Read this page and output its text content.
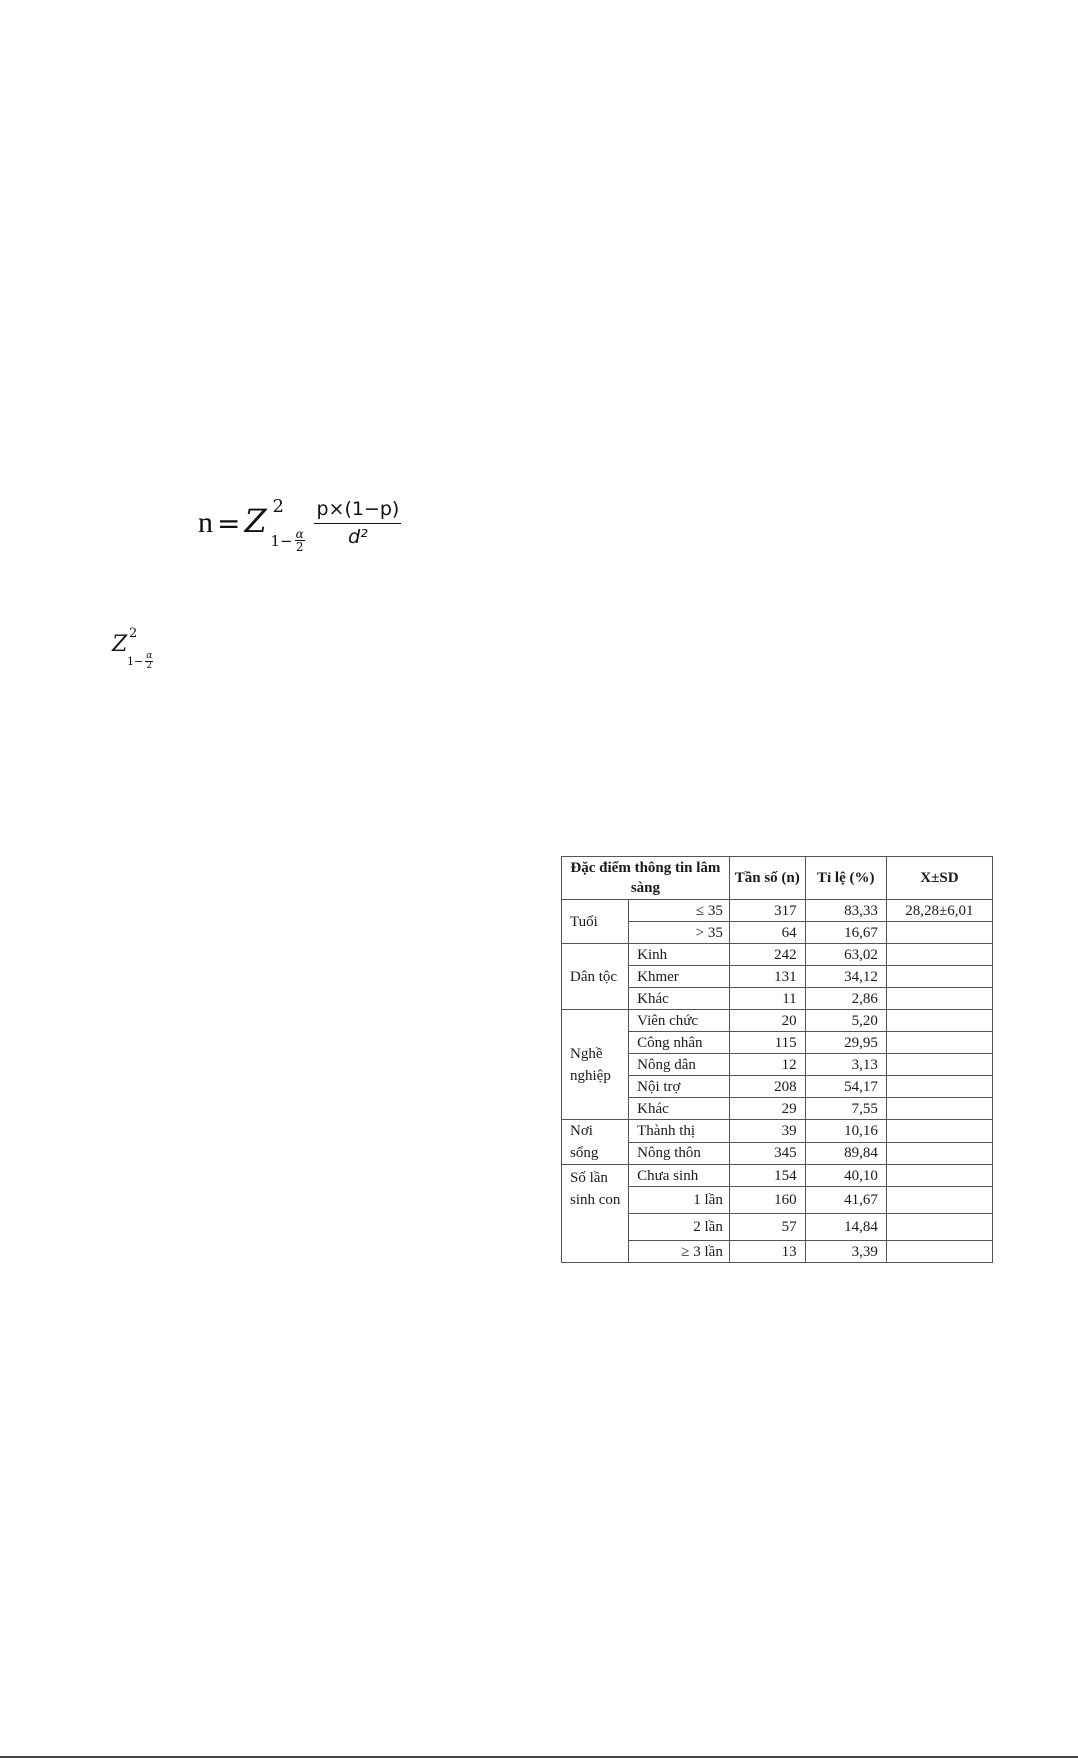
n = Z 2
$1- \frac{\alpha}{2} \frac{p\times(1-p)}{\text{d²}}$
Z 2
$1- \frac{\alpha}{2}$
Đặc điểm thông tin lâm sàng		Tần số (n)	Tỉ lệ (%)	X±SD
Tuổi	≤ 35	317	83,33	28,28±6,01
	> 35	64	16,67	
Dân tộc	Kinh	242	63,02	
	Khmer	131	34,12	
	Khác	11	2,86	
Nghề nghiệp	Viên chức	20	5,20	
	Công nhân	115	29,95	
	Nông dân	12	3,13	
	Nội trợ	208	54,17	
	Khác	29	7,55	
Nơi sống	Thành thị	39	10,16	
	Nông thôn	345	89,84	
Số lần sinh con	Chưa sinh	154	40,10	
	1 lần	160	41,67	
	2 lần	57	14,84	
	≥ 3 lần	13	3,39	
